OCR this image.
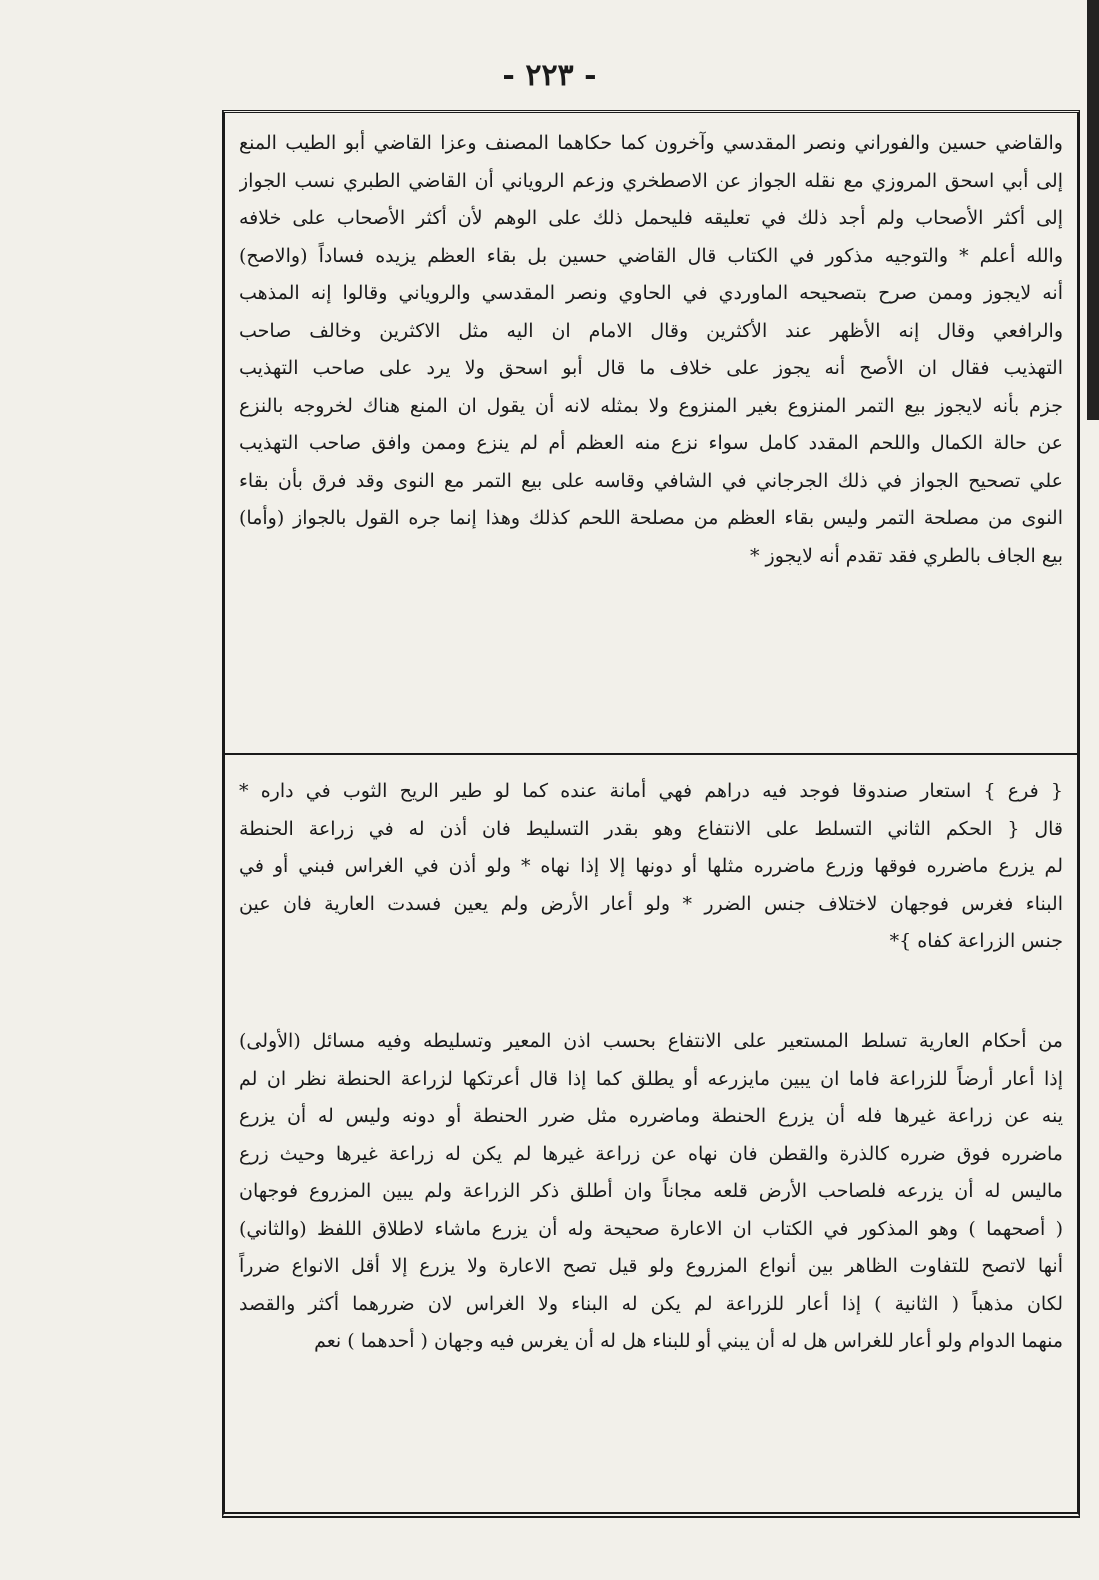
- ٢٢٣ -
والقاضي حسين والفوراني ونصر المقدسي وآخرون كما حكاهما المصنف وعزا القاضي أبو الطيب المنع
إلى أبي اسحق المروزي مع نقله الجواز عن الاصطخري وزعم الروياني أن القاضي الطبري نسب الجواز
إلى أكثر الأصحاب ولم أجد ذلك في تعليقه فليحمل ذلك على الوهم لأن أكثر الأصحاب على خلافه
والله أعلم * والتوجيه مذكور في الكتاب قال القاضي حسين بل بقاء العظم يزيده فساداً (والاصح)
أنه لايجوز وممن صرح بتصحيحه الماوردي في الحاوي ونصر المقدسي والروياني وقالوا إنه المذهب
والرافعي وقال إنه الأظهر عند الأكثرين وقال الامام ان اليه مثل الاكثرين وخالف صاحب
التهذيب فقال ان الأصح أنه يجوز على خلاف ما قال أبو اسحق ولا يرد على صاحب التهذيب
جزم بأنه لايجوز بيع التمر المنزوع بغير المنزوع ولا بمثله لانه أن يقول ان المنع هناك لخروجه بالنزع
عن حالة الكمال واللحم المقدد كامل سواء نزع منه العظم أم لم ينزع وممن وافق صاحب التهذيب
علي تصحيح الجواز في ذلك الجرجاني في الشافي وقاسه على بيع التمر مع النوى وقد فرق بأن بقاء
النوى من مصلحة التمر وليس بقاء العظم من مصلحة اللحم كذلك وهذا إنما جره القول بالجواز (وأما)
بيع الجاف بالطري فقد تقدم أنه لايجوز *
{ فرع } استعار صندوقا فوجد فيه دراهم فهي أمانة عنده كما لو طير الريح الثوب في داره *
قال { الحكم الثاني التسلط على الانتفاع وهو بقدر التسليط فان أذن له في زراعة الحنطة
لم يزرع ماضرره فوقها وزرع ماضرره مثلها أو دونها إلا إذا نهاه * ولو أذن في الغراس فبني أو في
البناء فغرس فوجهان لاختلاف جنس الضرر * ولو أعار الأرض ولم يعين فسدت العارية فان عين
جنس الزراعة كفاه }*
من أحكام العارية تسلط المستعير على الانتفاع بحسب اذن المعير وتسليطه وفيه مسائل (الأولى)
إذا أعار أرضاً للزراعة فاما ان يبين مايزرعه أو يطلق كما إذا قال أعرتكها لزراعة الحنطة نظر ان لم
ينه عن زراعة غيرها فله أن يزرع الحنطة وماضرره مثل ضرر الحنطة أو دونه وليس له أن يزرع
ماضرره فوق ضرره كالذرة والقطن فان نهاه عن زراعة غيرها لم يكن له زراعة غيرها وحيث زرع
ماليس له أن يزرعه فلصاحب الأرض قلعه مجاناً وان أطلق ذكر الزراعة ولم يبين المزروع فوجهان
( أصحهما ) وهو المذكور في الكتاب ان الاعارة صحيحة وله أن يزرع ماشاء لاطلاق اللفظ (والثاني)
أنها لاتصح للتفاوت الظاهر بين أنواع المزروع ولو قيل تصح الاعارة ولا يزرع إلا أقل الانواع ضرراً
لكان مذهباً ( الثانية ) إذا أعار للزراعة لم يكن له البناء ولا الغراس لان ضررهما أكثر والقصد
منهما الدوام ولو أعار للغراس هل له أن يبني أو للبناء هل له أن يغرس فيه وجهان ( أحدهما ) نعم
